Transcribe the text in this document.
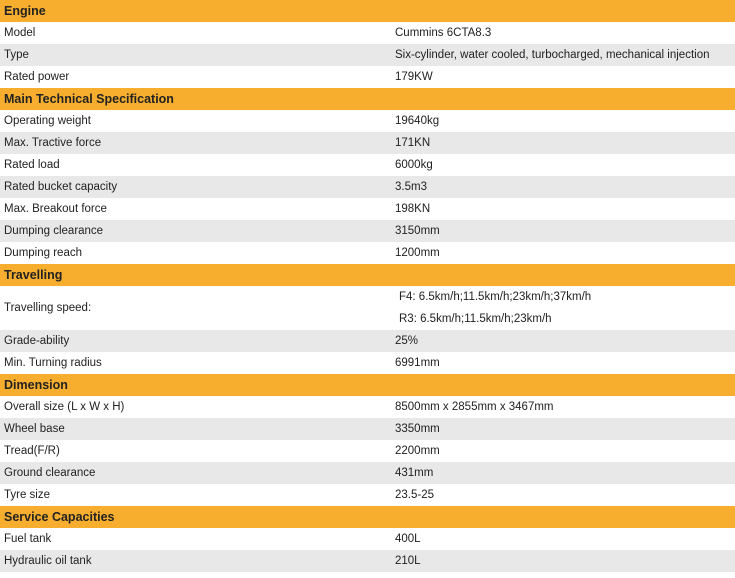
Engine	
Model	Cummins 6CTA8.3
Type	Six-cylinder, water cooled, turbocharged, mechanical injection
Rated power	179KW
Main Technical Specification	
Operating weight	19640kg
Max. Tractive force	171KN
Rated load	6000kg
Rated bucket capacity	3.5m3
Max. Breakout force	198KN
Dumping clearance	3150mm
Dumping reach	1200mm
Travelling	
Travelling speed:	F4: 6.5km/h;11.5km/h;23km/h;37km/h
R3: 6.5km/h;11.5km/h;23km/h

Grade-ability	25%
Min. Turning radius	6991mm
Dimension	
Overall size (L x W x H)	8500mm x 2855mm x 3467mm
Wheel base	3350mm
Tread(F/R)	2200mm
Ground clearance	431mm
Tyre size	23.5-25
Service Capacities	
Fuel tank	400L
Hydraulic oil tank	210L
